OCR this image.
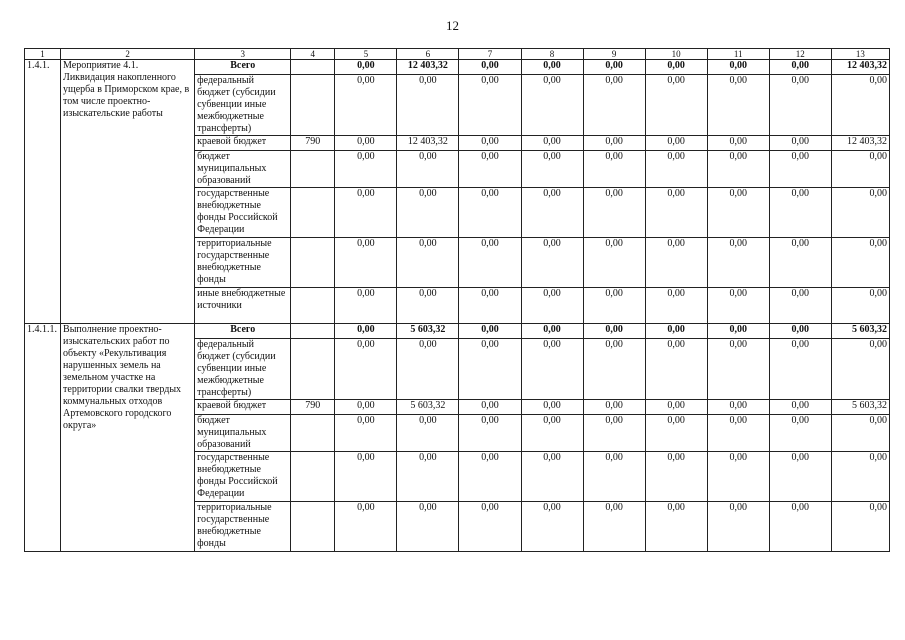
12
1	2	3	4	5	6	7	8	9	10	11	12	13
1.4.1.	Мероприятие 4.1. Ликвидация накопленного ущерба в Приморском крае, в том числе проектно-изыскательские работы	Всего		0,00	12 403,32	0,00	0,00	0,00	0,00	0,00	0,00	12 403,32
		федеральный бюджет (субсидии субвенции иные межбюджетные трансферты)		0,00	0,00	0,00	0,00	0,00	0,00	0,00	0,00	0,00
		краевой бюджет	790	0,00	12 403,32	0,00	0,00	0,00	0,00	0,00	0,00	12 403,32
		бюджет муниципальных образований		0,00	0,00	0,00	0,00	0,00	0,00	0,00	0,00	0,00
		государственные внебюджетные фонды Российской Федерации		0,00	0,00	0,00	0,00	0,00	0,00	0,00	0,00	0,00
		территориальные государственные внебюджетные фонды		0,00	0,00	0,00	0,00	0,00	0,00	0,00	0,00	0,00
		иные внебюджетные источники		0,00	0,00	0,00	0,00	0,00	0,00	0,00	0,00	0,00
1.4.1.1.	Выполнение проектно-изыскательских работ по объекту «Рекультивация нарушенных земель на земельном участке на территории свалки твердых коммунальных отходов Артемовского городского округа»	Всего		0,00	5 603,32	0,00	0,00	0,00	0,00	0,00	0,00	5 603,32
		федеральный бюджет (субсидии субвенции иные межбюджетные трансферты)		0,00	0,00	0,00	0,00	0,00	0,00	0,00	0,00	0,00
		краевой бюджет	790	0,00	5 603,32	0,00	0,00	0,00	0,00	0,00	0,00	5 603,32
		бюджет муниципальных образований		0,00	0,00	0,00	0,00	0,00	0,00	0,00	0,00	0,00
		государственные внебюджетные фонды Российской Федерации		0,00	0,00	0,00	0,00	0,00	0,00	0,00	0,00	0,00
		территориальные государственные внебюджетные фонды		0,00	0,00	0,00	0,00	0,00	0,00	0,00	0,00	0,00
